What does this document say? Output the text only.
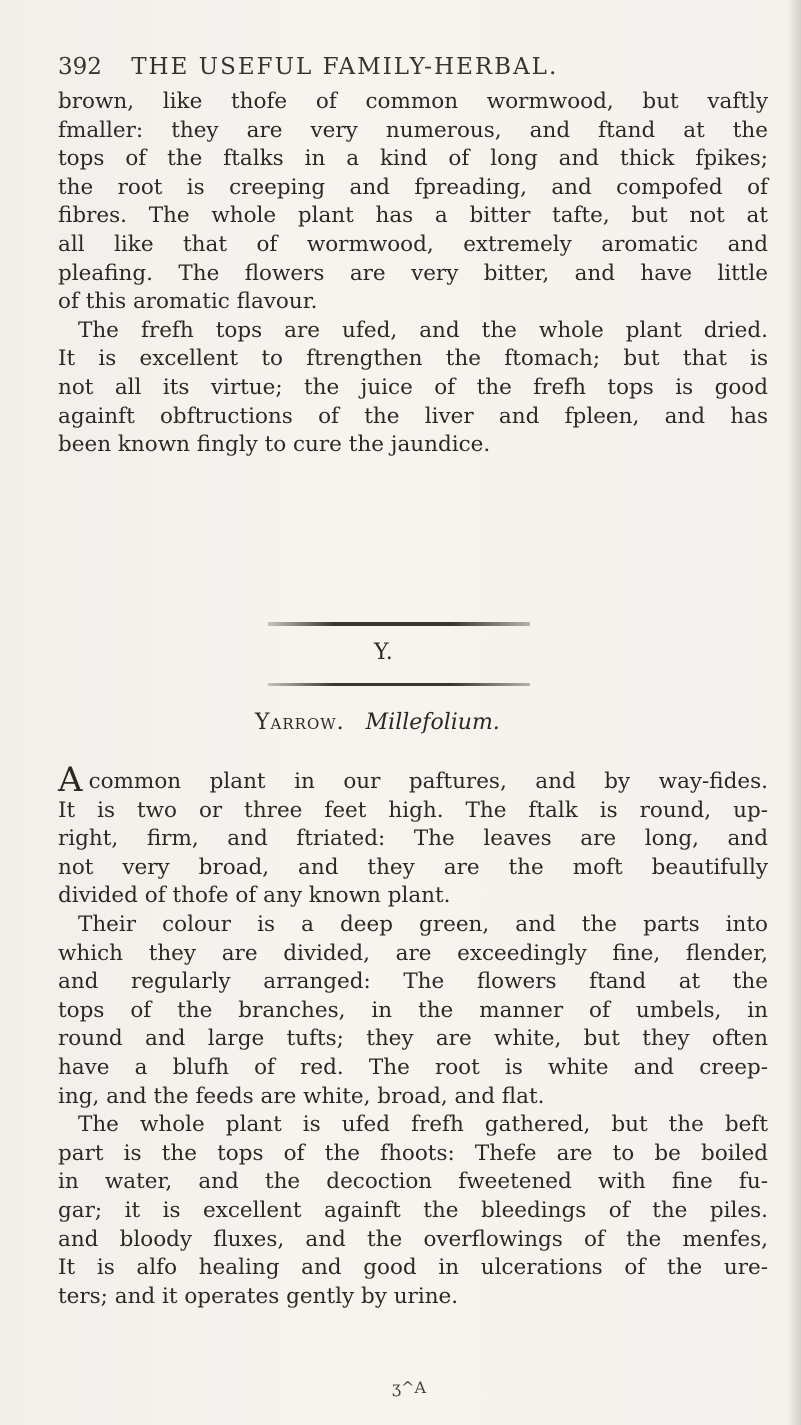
392 THE USEFUL FAMILY-HERBAL.
brown, like thofe of common wormwood, but vaftly
fmaller: they are very numerous, and ftand at the
tops of the ftalks in a kind of long and thick fpikes;
the root is creeping and fpreading, and compofed of
fibres. The whole plant has a bitter tafte, but not at
all like that of wormwood, extremely aromatic and
pleafing. The flowers are very bitter, and have little
of this aromatic flavour.
The frefh tops are ufed, and the whole plant dried.
It is excellent to ftrengthen the ftomach; but that is
not all its virtue; the juice of the frefh tops is good
againft obftructions of the liver and fpleen, and has
been known fingly to cure the jaundice.
Y.
Yarrow. Millefolium.
Acommon plant in our paftures, and by way-fides.
It is two or three feet high. The ftalk is round, up-
right, firm, and ftriated: The leaves are long, and
not very broad, and they are the moft beautifully
divided of thofe of any known plant.
Their colour is a deep green, and the parts into
which they are divided, are exceedingly fine, flender,
and regularly arranged: The flowers ftand at the
tops of the branches, in the manner of umbels, in
round and large tufts; they are white, but they often
have a blufh of red. The root is white and creep-
ing, and the feeds are white, broad, and flat.
The whole plant is ufed frefh gathered, but the beft
part is the tops of the fhoots: Thefe are to be boiled
in water, and the decoction fweetened with fine fu-
gar; it is excellent againft the bleedings of the piles.
and bloody fluxes, and the overflowings of the menfes,
It is alfo healing and good in ulcerations of the ure-
ters; and it operates gently by urine.
ʒ^A
